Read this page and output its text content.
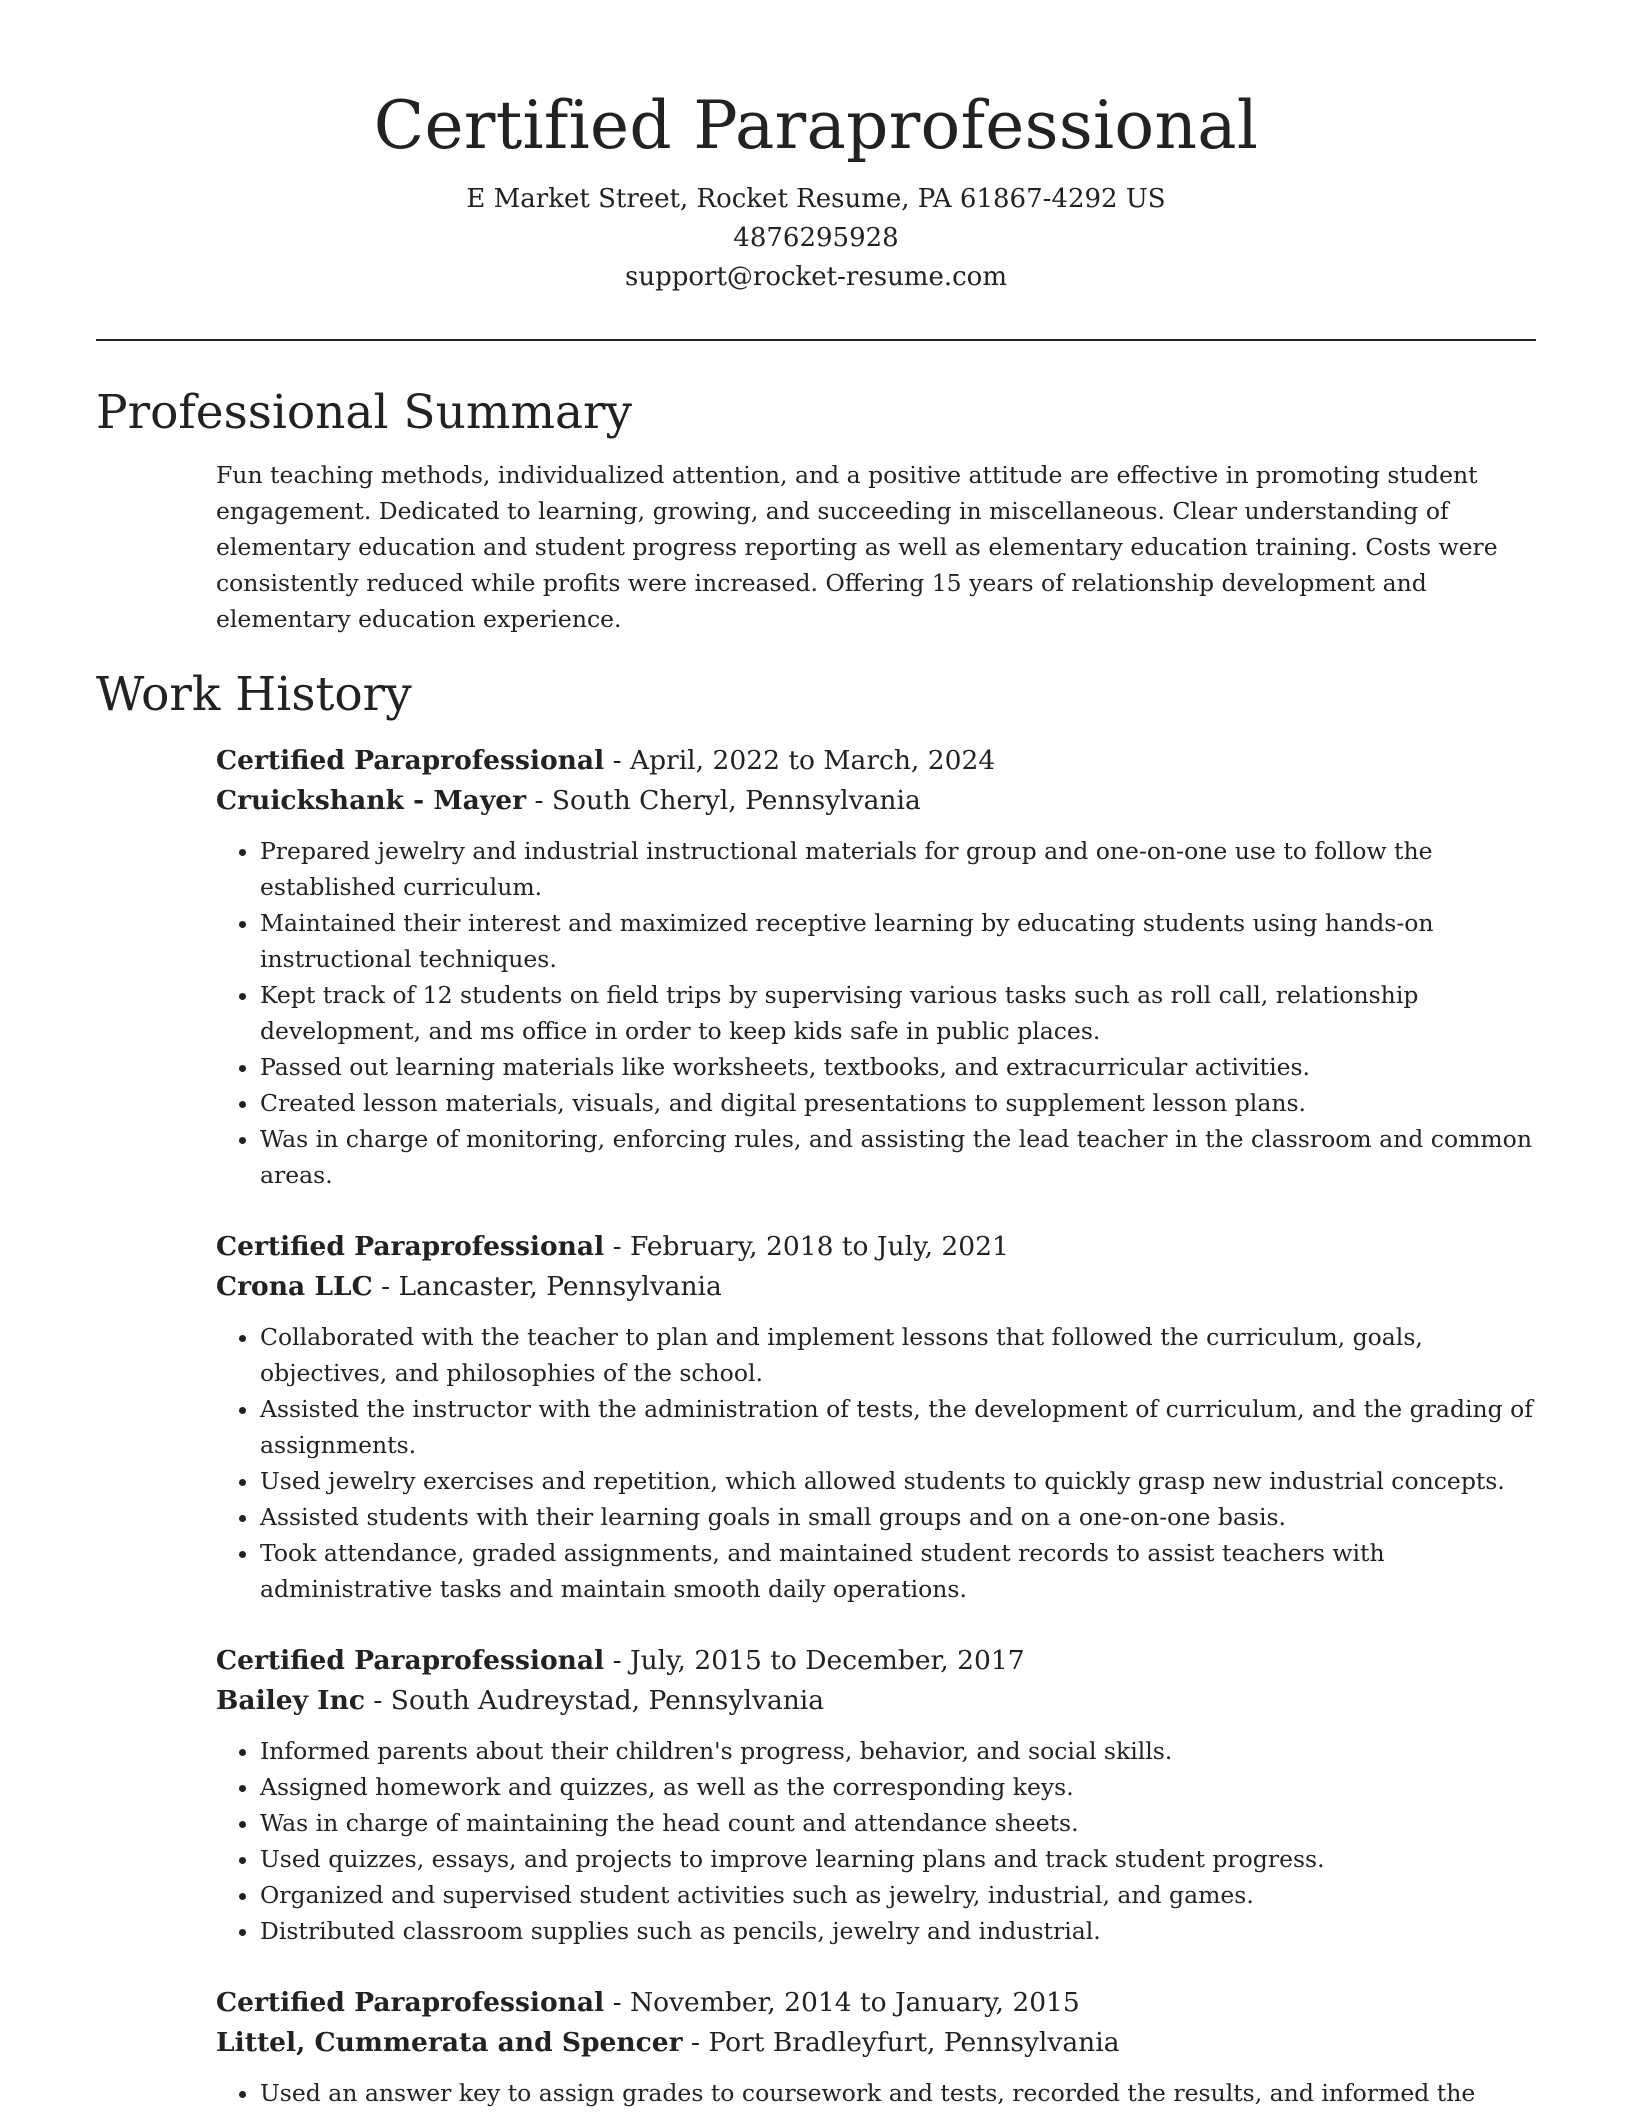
Certified Paraprofessional

E Market Street, Rocket Resume, PA 61867-4292 US

4876295928

support@rocket-resume.com

Professional Summary

Fun teaching methods, individualized attention, and a positive attitude are effective in promoting student engagement. Dedicated to learning, growing, and succeeding in miscellaneous. Clear understanding of elementary education and student progress reporting as well as elementary education training. Costs were consistently reduced while profits were increased. Offering 15 years of relationship development and elementary education experience.

Work History

Certified Paraprofessional - April, 2022 to March, 2024

Cruickshank - Mayer - South Cheryl, Pennsylvania

• Prepared jewelry and industrial instructional materials for group and one-on-one use to follow the established curriculum.
• Maintained their interest and maximized receptive learning by educating students using hands-on instructional techniques.
• Kept track of 12 students on field trips by supervising various tasks such as roll call, relationship development, and ms office in order to keep kids safe in public places.
• Passed out learning materials like worksheets, textbooks, and extracurricular activities.
• Created lesson materials, visuals, and digital presentations to supplement lesson plans.
• Was in charge of monitoring, enforcing rules, and assisting the lead teacher in the classroom and common areas.

Certified Paraprofessional - February, 2018 to July, 2021

Crona LLC - Lancaster, Pennsylvania

• Collaborated with the teacher to plan and implement lessons that followed the curriculum, goals, objectives, and philosophies of the school.
• Assisted the instructor with the administration of tests, the development of curriculum, and the grading of assignments.
• Used jewelry exercises and repetition, which allowed students to quickly grasp new industrial concepts.
• Assisted students with their learning goals in small groups and on a one-on-one basis.
• Took attendance, graded assignments, and maintained student records to assist teachers with administrative tasks and maintain smooth daily operations.

Certified Paraprofessional - July, 2015 to December, 2017

Bailey Inc - South Audreystad, Pennsylvania

• Informed parents about their children's progress, behavior, and social skills.
• Assigned homework and quizzes, as well as the corresponding keys.
• Was in charge of maintaining the head count and attendance sheets.
• Used quizzes, essays, and projects to improve learning plans and track student progress.
• Organized and supervised student activities such as jewelry, industrial, and games.
• Distributed classroom supplies such as pencils, jewelry and industrial.

Certified Paraprofessional - November, 2014 to January, 2015

Littel, Cummerata and Spencer - Port Bradleyfurt, Pennsylvania

• Used an answer key to assign grades to coursework and tests, recorded the results, and informed the
